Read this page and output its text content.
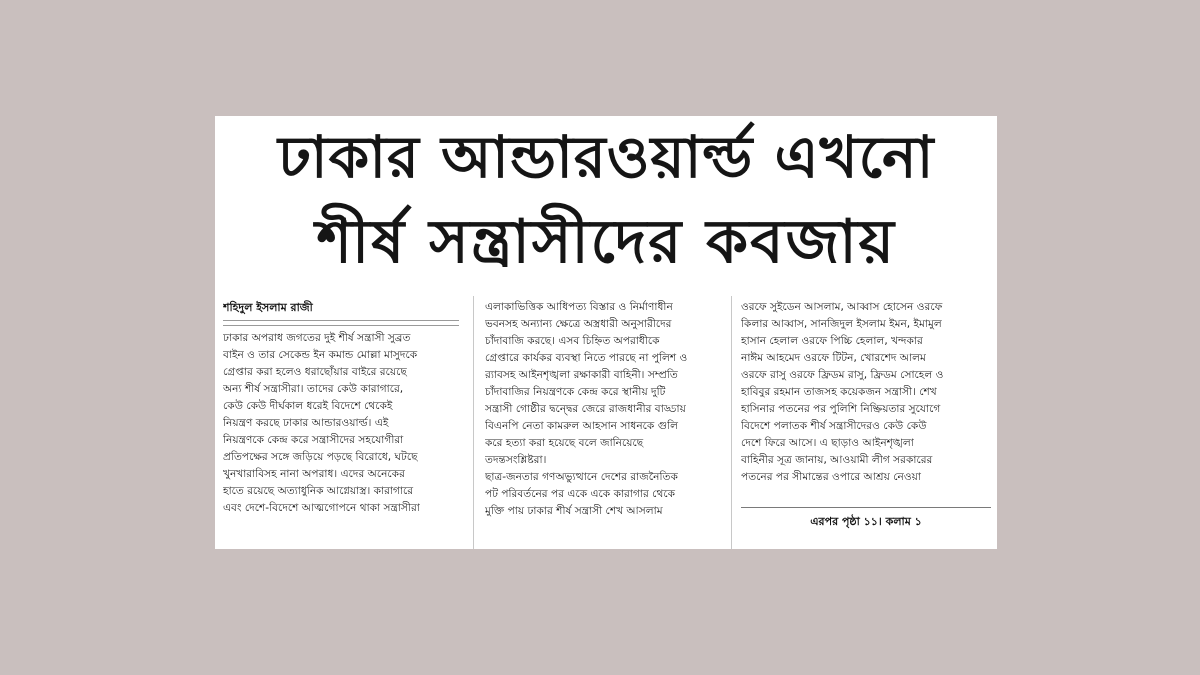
ঢাকার আন্ডারওয়ার্ল্ড এখনো
শীর্ষ সন্ত্রাসীদের কবজায়
শহিদুল ইসলাম রাজী
ঢাকার অপরাধ জগতের দুই শীর্ষ সন্ত্রাসী সুব্রত
বাইন ও তার সেকেন্ড ইন কমান্ড মোল্লা মাসুদকে
গ্রেপ্তার করা হলেও ধরাছোঁয়ার বাইরে রয়েছে
অন্য শীর্ষ সন্ত্রাসীরা। তাদের কেউ কারাগারে,
কেউ কেউ দীর্ঘকাল ধরেই বিদেশে থেকেই
নিয়ন্ত্রণ করছে ঢাকার আন্ডারওয়ার্ল্ড। এই
নিয়ন্ত্রণকে কেন্দ্র করে সন্ত্রাসীদের সহযোগীরা
প্রতিপক্ষের সঙ্গে জড়িয়ে পড়ছে বিরোধে, ঘটছে
খুনখারাবিসহ নানা অপরাধ। এদের অনেকের
হাতে রয়েছে অত্যাধুনিক আগ্নেয়াস্ত্র। কারাগারে
এবং দেশে-বিদেশে আত্মগোপনে থাকা সন্ত্রাসীরা
এলাকাভিত্তিক আধিপত্য বিস্তার ও নির্মাণাধীন
ভবনসহ অন্যান্য ক্ষেত্রে অস্ত্রধারী অনুসারীদের
চাঁদাবাজি করছে। এসব চিহ্নিত অপরাধীকে
গ্রেপ্তারে কার্যকর ব্যবস্থা নিতে পারছে না পুলিশ ও
র‍্যাবসহ আইনশৃঙ্খলা রক্ষাকারী বাহিনী। সম্প্রতি
চাঁদাবাজির নিয়ন্ত্রণকে কেন্দ্র করে স্থানীয় দুটি
সন্ত্রাসী গোষ্ঠীর দ্বন্দ্বের জেরে রাজধানীর বাড্ডায়
বিএনপি নেতা কামরুল আহসান সাধনকে গুলি
করে হত্যা করা হয়েছে বলে জানিয়েছে
তদন্তসংশ্লিষ্টরা।
ছাত্র-জনতার গণঅভ্যুত্থানে দেশের রাজনৈতিক
পট পরিবর্তনের পর একে একে কারাগার থেকে
মুক্তি পায় ঢাকার শীর্ষ সন্ত্রাসী শেখ আসলাম
ওরফে সুইডেন আসলাম, আব্বাস হোসেন ওরফে
কিলার আব্বাস, সানজিদুল ইসলাম ইমন, ইমামুল
হাসান হেলাল ওরফে পিচ্চি হেলাল, খন্দকার
নাঈম আহমেদ ওরফে টিটন, খোরশেদ আলম
ওরফে রাসু ওরফে ফ্রিডম রাসু, ফ্রিডম সোহেল ও
হাবিবুর রহমান তাজসহ কয়েকজন সন্ত্রাসী। শেখ
হাসিনার পতনের পর পুলিশি নিষ্ক্রিয়তার সুযোগে
বিদেশে পলাতক শীর্ষ সন্ত্রাসীদেরও কেউ কেউ
দেশে ফিরে আসে। এ ছাড়াও আইনশৃঙ্খলা
বাহিনীর সূত্র জানায়, আওয়ামী লীগ সরকারের
পতনের পর সীমান্তের ওপারে আশ্রয় নেওয়া
এরপর পৃষ্ঠা ১১। কলাম ১
